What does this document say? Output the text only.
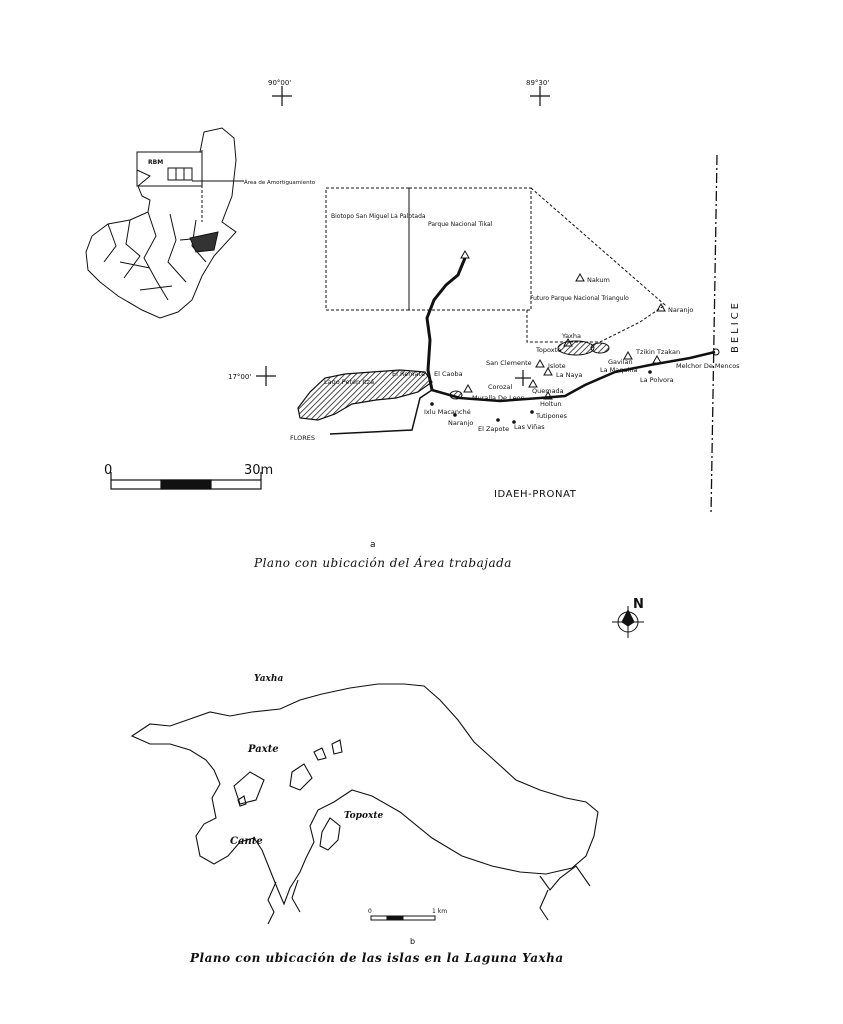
90°00'	89°30'
17°00'
RBM
Área de Amortiguamiento
Biotopo San Miguel La Palotada
Parque Nacional Tikal
Futuro Parque Nacional Triangulo
BELICE
Nakum
Naranjo
Yaxha
Topoxte
San Clemente	Islote
La Naya
Corozal	Quemada
Holtun
Gavilan
La Maquina
Tzikin Tzakan
La Polvora
Melchor De Mencos
El Remate El Caoba
Lago Petén Itzá
Ixlu Macanché
Muralla De Leon
Naranjo
El Zapote
Tutipones
Las Viñas
FLORES
0	30m
IDAEH-PRONAT
a
N
Yaxha
Paxte
Cante
Topoxte
0	1 km
b
Plano con ubicación del Área trabajada
Plano con ubicación de las islas en la Laguna Yaxha
